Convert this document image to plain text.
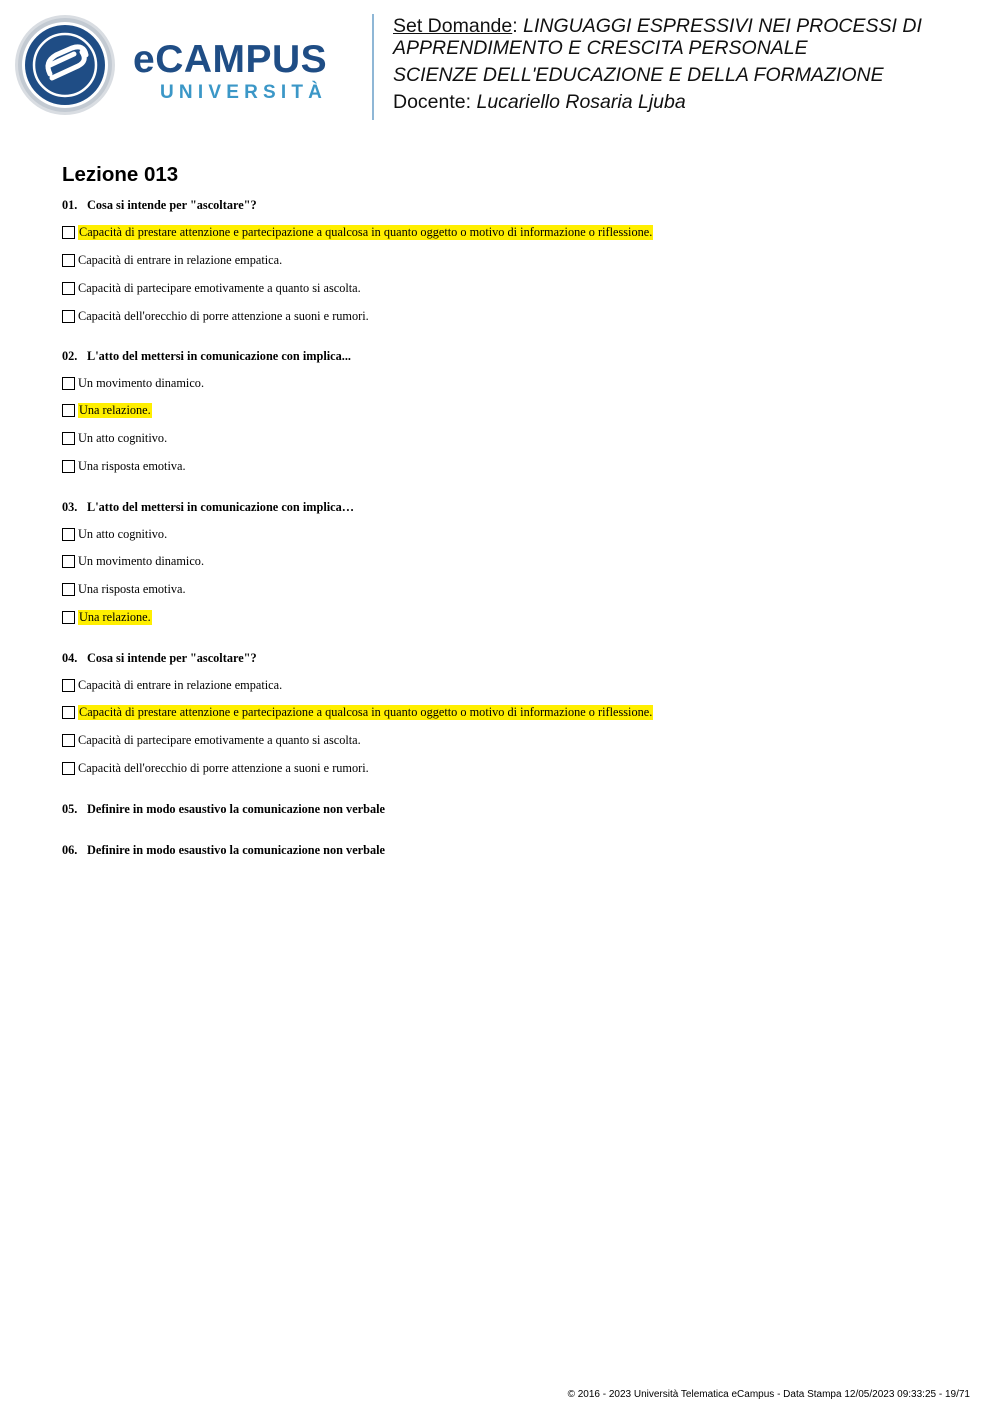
eCAMPUS
UNIVERSITÀ
Set Domande: LINGUAGGI ESPRESSIVI NEI PROCESSI DI
APPRENDIMENTO E CRESCITA PERSONALE
SCIENZE DELL'EDUCAZIONE E DELLA FORMAZIONE
Docente: Lucariello Rosaria Ljuba
Lezione 013
01. Cosa si intende per "ascoltare"?
Capacità di prestare attenzione e partecipazione a qualcosa in quanto oggetto o motivo di informazione o riflessione.
Capacità di entrare in relazione empatica.
Capacità di partecipare emotivamente a quanto si ascolta.
Capacità dell'orecchio di porre attenzione a suoni e rumori.
02. L'atto del mettersi in comunicazione con implica...
Un movimento dinamico.
Una relazione.
Un atto cognitivo.
Una risposta emotiva.
03. L'atto del mettersi in comunicazione con implica…
Un atto cognitivo.
Un movimento dinamico.
Una risposta emotiva.
Una relazione.
04. Cosa si intende per "ascoltare"?
Capacità di entrare in relazione empatica.
Capacità di prestare attenzione e partecipazione a qualcosa in quanto oggetto o motivo di informazione o riflessione.
Capacità di partecipare emotivamente a quanto si ascolta.
Capacità dell'orecchio di porre attenzione a suoni e rumori.
05. Definire in modo esaustivo la comunicazione non verbale
06. Definire in modo esaustivo la comunicazione non verbale
© 2016 - 2023 Università Telematica eCampus - Data Stampa 12/05/2023 09:33:25 - 19/71
